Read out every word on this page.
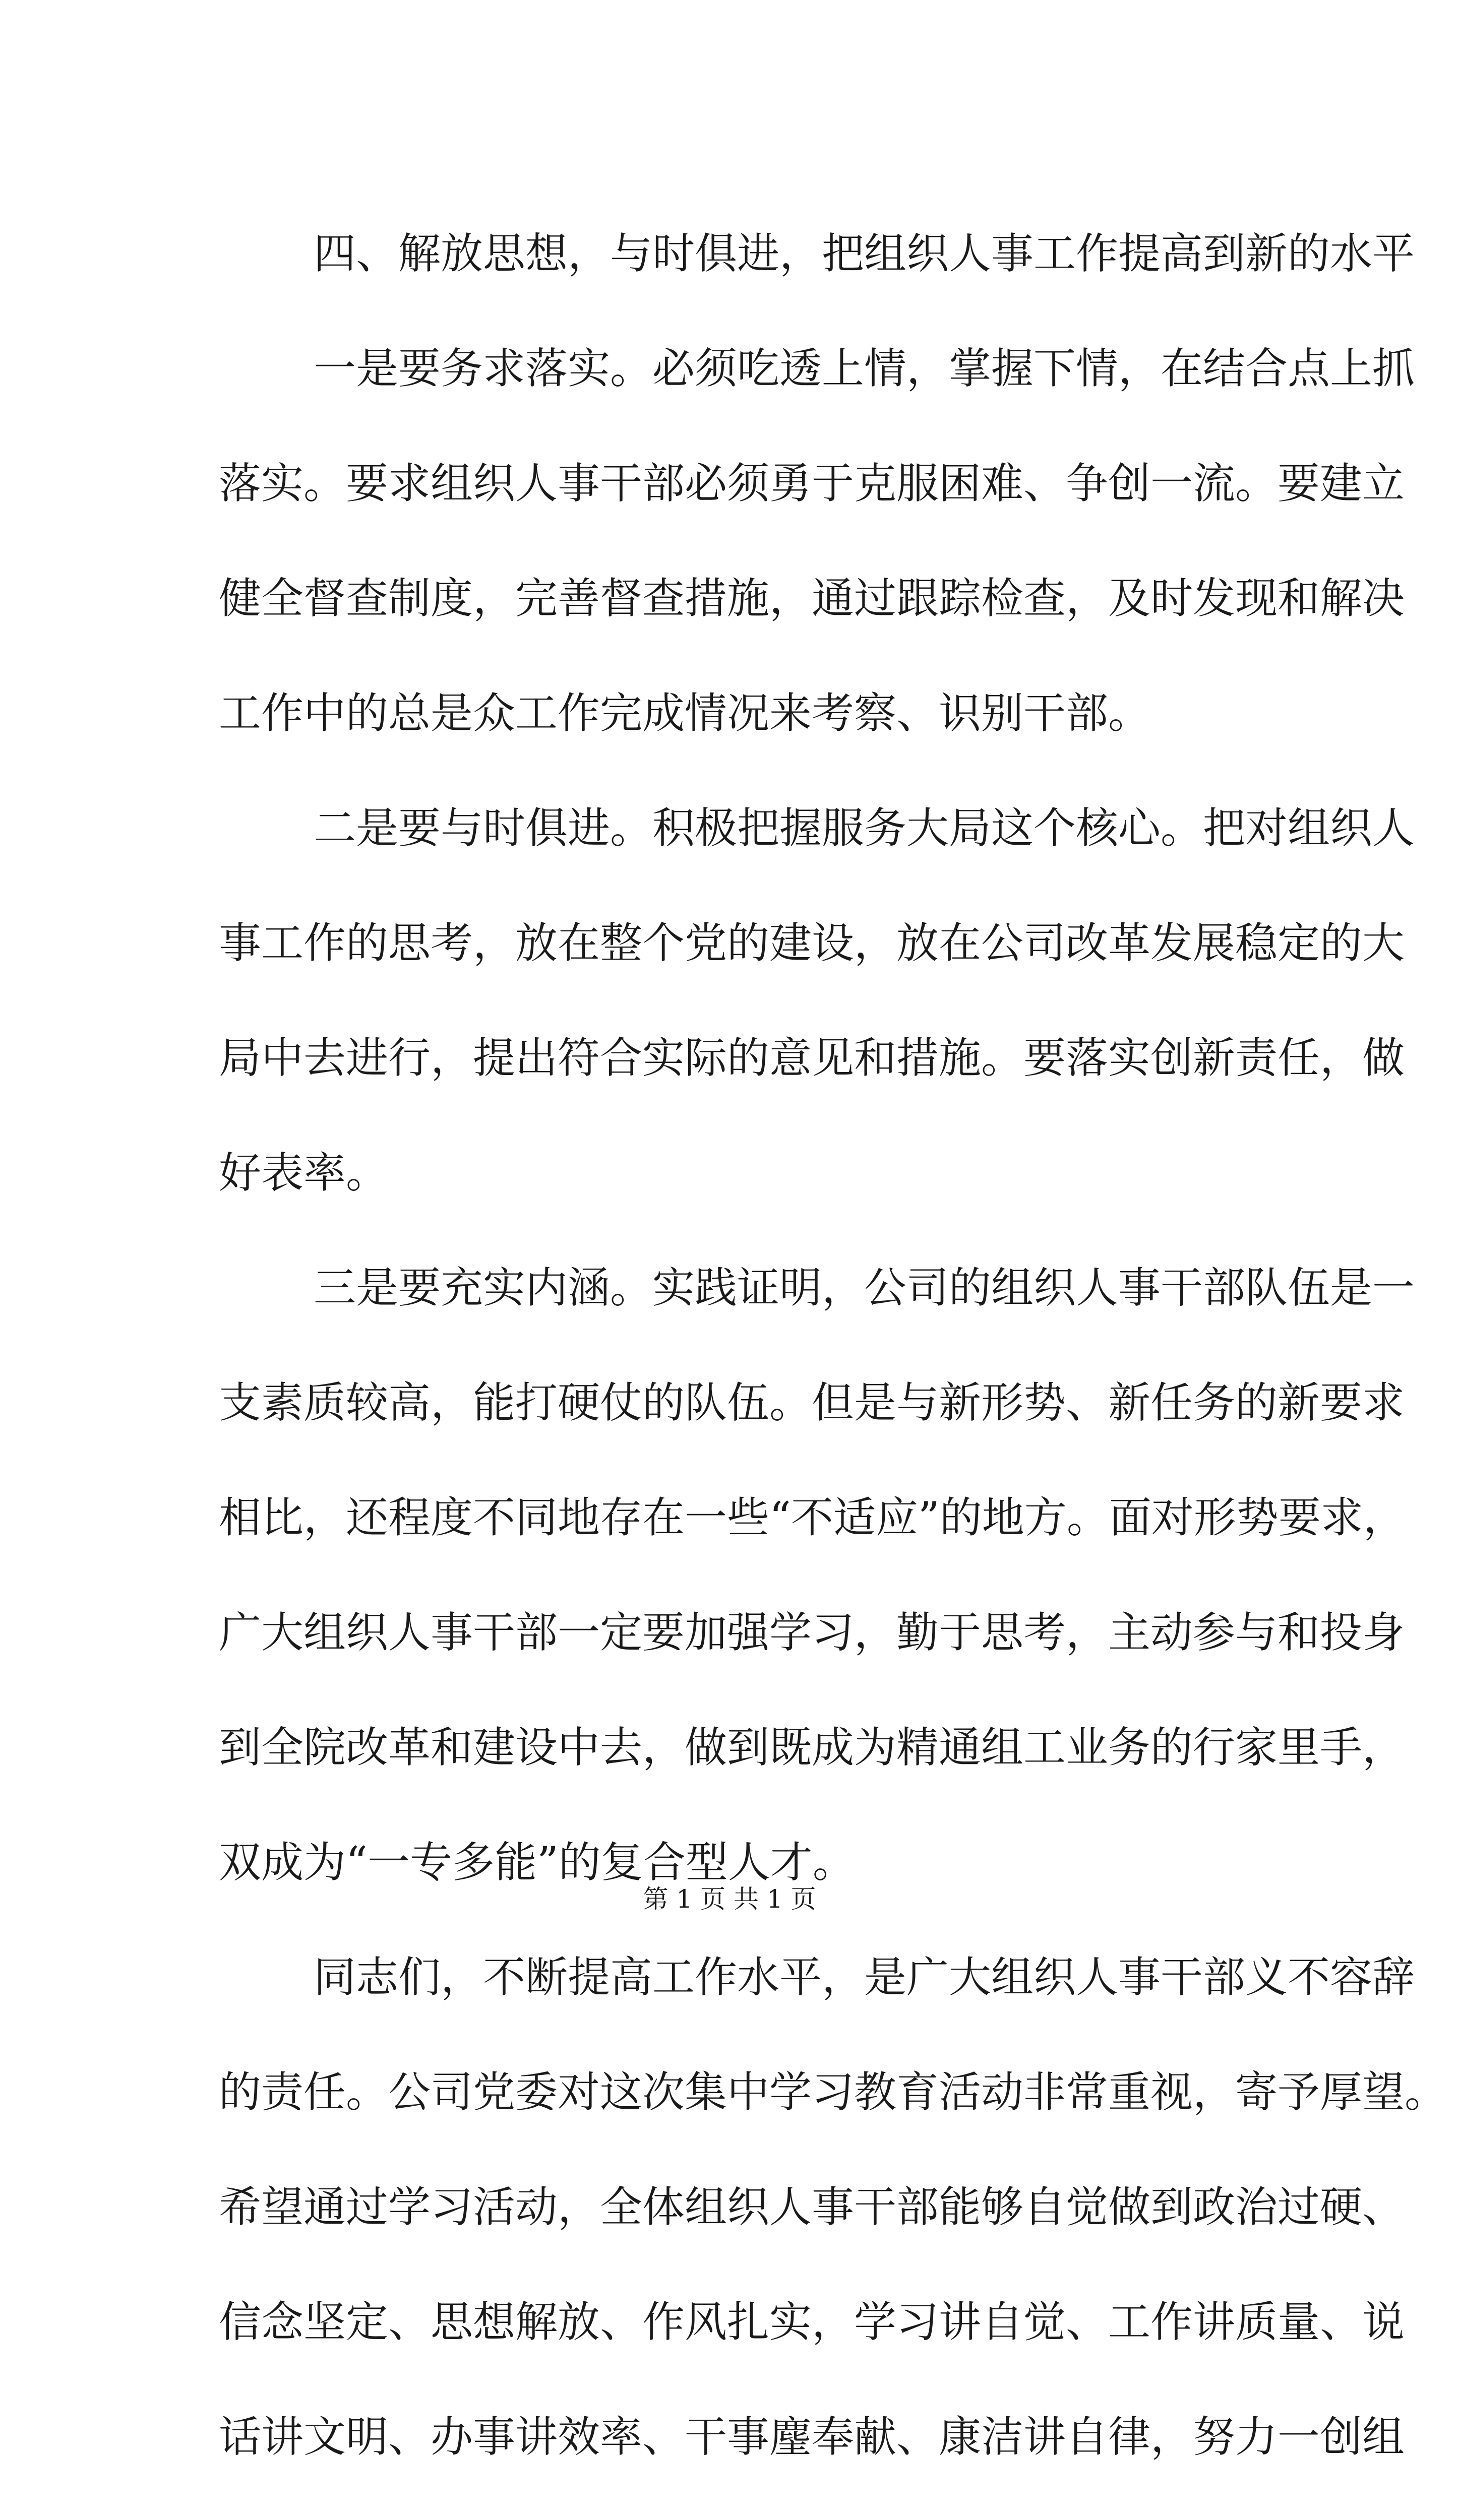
四、解放思想，与时俱进，把组织人事工作提高到新的水平
一是要务求落实。必须吃透上情，掌握下情，在结合点上抓
落实。要求组织人事干部必须勇于克服困难、争创一流。要建立
健全督查制度，完善督查措施，通过跟踪检查，及时发现和解决
工作中的总是众工作完成情况来考察、识别干部。
二是要与时俱进。积极把握服务大局这个核心。把对组织人
事工作的思考，放在整个党的建设，放在公司改革发展稳定的大
局中去进行，提出符合实际的意见和措施。要落实创新责任，做
好表率。
三是要充实内涵。实践证明，公司的组织人事干部队伍是一
支素质较高，能打硬仗的队伍。但是与新形势、新任务的新要求
相比，还程度不同地存在一些“不适应”的地方。面对形势要求，
广大组织人事干部一定要加强学习，勤于思考，主动参与和投身
到全院改革和建设中去，做到既成为精通组工业务的行家里手，
双成为“一专多能”的复合型人才。
同志们，不断提高工作水平，是广大组织人事干部义不容辞
的责任。公司党委对这次集中学习教育活动非常重视，寄予厚望。
希望通过学习活动，全体组织人事干部能够自觉做到政治过硬、
信念坚定、思想解放、作风扎实，学习讲自觉、工作讲质量、说
话讲文明、办事讲效率、干事麈奉献、康洁讲自律，努力一创组
第 1 页 共 1 页
